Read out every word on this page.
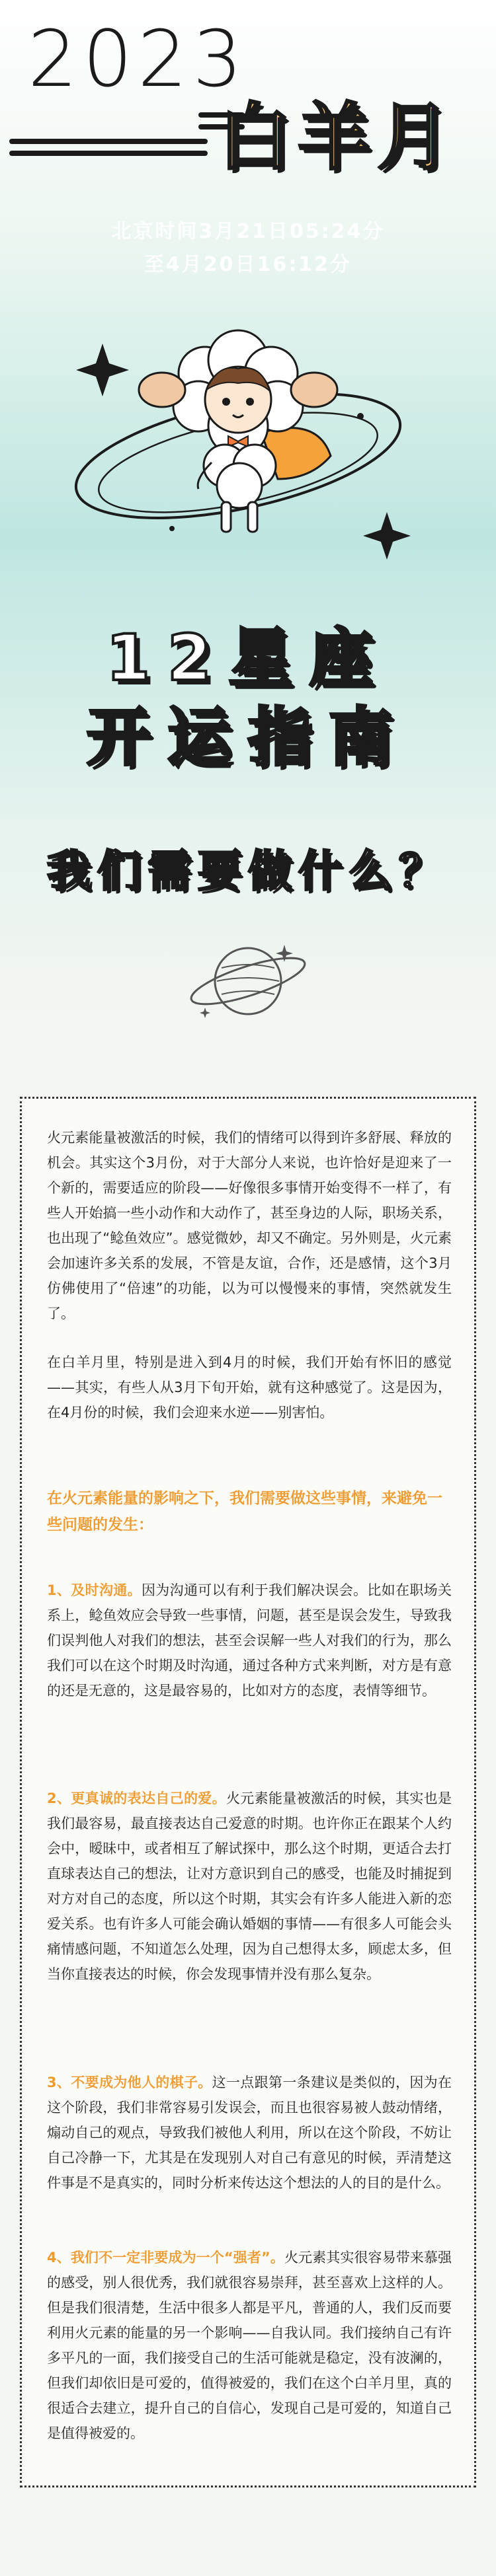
2023
白羊月
北京时间3月21日05:24分
至4月20日16:12分
12星座
开运指南
我们需要做什么？

火元素能量被激活的时候，我们的情绪可以得到许多舒展、释放的机会。其实这个3月份，对于大部分人来说，也许恰好是迎来了一个新的，需要适应的阶段——好像很多事情开始变得不一样了，有些人开始搞一些小动作和大动作了，甚至身边的人际，职场关系，也出现了“鲶鱼效应”。感觉微妙，却又不确定。另外则是，火元素会加速许多关系的发展，不管是友谊，合作，还是感情，这个3月仿佛使用了“倍速”的功能，以为可以慢慢来的事情，突然就发生了。

在白羊月里，特别是进入到4月的时候，我们开始有怀旧的感觉——其实，有些人从3月下旬开始，就有这种感觉了。这是因为，在4月份的时候，我们会迎来水逆——别害怕。

在火元素能量的影响之下，我们需要做这些事情，来避免一些问题的发生：

1、及时沟通。因为沟通可以有利于我们解决误会。比如在职场关系上，鲶鱼效应会导致一些事情，问题，甚至是误会发生，导致我们误判他人对我们的想法，甚至会误解一些人对我们的行为，那么我们可以在这个时期及时沟通，通过各种方式来判断，对方是有意的还是无意的，这是最容易的，比如对方的态度，表情等细节。

2、更真诚的表达自己的爱。火元素能量被激活的时候，其实也是我们最容易，最直接表达自己爱意的时期。也许你正在跟某个人约会中，暧昧中，或者相互了解试探中，那么这个时期，更适合去打直球表达自己的想法，让对方意识到自己的感受，也能及时捕捉到对方对自己的态度，所以这个时期，其实会有许多人能进入新的恋爱关系。也有许多人可能会确认婚姻的事情——有很多人可能会头痛情感问题，不知道怎么处理，因为自己想得太多，顾虑太多，但当你直接表达的时候，你会发现事情并没有那么复杂。

3、不要成为他人的棋子。这一点跟第一条建议是类似的，因为在这个阶段，我们非常容易引发误会，而且也很容易被人鼓动情绪，煽动自己的观点，导致我们被他人利用，所以在这个阶段，不妨让自己冷静一下，尤其是在发现别人对自己有意见的时候，弄清楚这件事是不是真实的，同时分析来传达这个想法的人的目的是什么。

4、我们不一定非要成为一个“强者”。火元素其实很容易带来慕强的感受，别人很优秀，我们就很容易崇拜，甚至喜欢上这样的人。但是我们很清楚，生活中很多人都是平凡，普通的人，我们反而要利用火元素的能量的另一个影响——自我认同。我们接纳自己有许多平凡的一面，我们接受自己的生活可能就是稳定，没有波澜的，但我们却依旧是可爱的，值得被爱的，我们在这个白羊月里，真的很适合去建立，提升自己的自信心，发现自己是可爱的，知道自己是值得被爱的。
